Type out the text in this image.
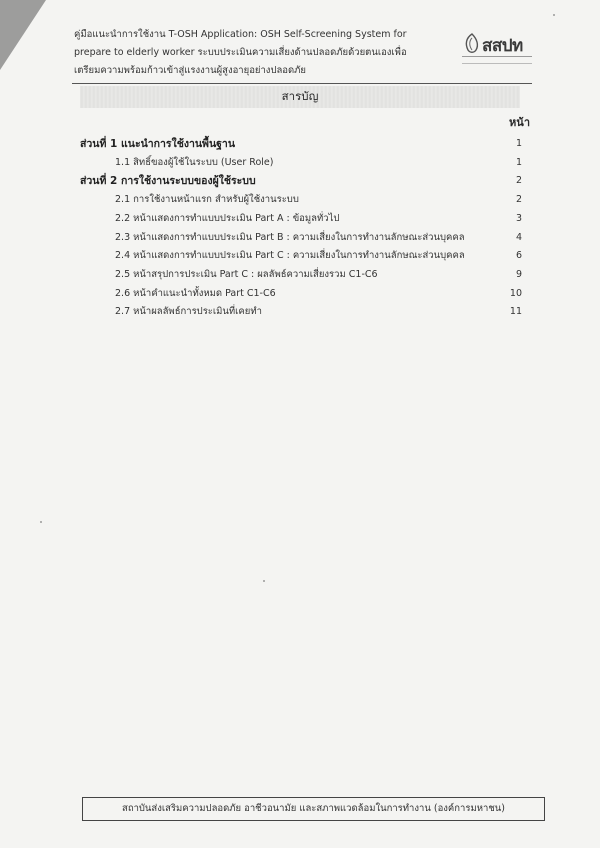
คู่มือแนะนำการใช้งาน T-OSH Application: OSH Self-Screening System for
prepare to elderly worker ระบบประเมินความเสี่ยงด้านปลอดภัยด้วยตนเองเพื่อ
เตรียมความพร้อมก้าวเข้าสู่แรงงานผู้สูงอายุอย่างปลอดภัย
สสปท
สารบัญ
หน้า
ส่วนที่ 1 แนะนำการใช้งานพื้นฐาน	1
1.1 สิทธิ์ของผู้ใช้ในระบบ (User Role)	1
ส่วนที่ 2 การใช้งานระบบของผู้ใช้ระบบ	2
2.1 การใช้งานหน้าแรก สำหรับผู้ใช้งานระบบ	2
2.2 หน้าแสดงการทำแบบประเมิน Part A : ข้อมูลทั่วไป	3
2.3 หน้าแสดงการทำแบบประเมิน Part B : ความเสี่ยงในการทำงานลักษณะส่วนบุคคล	4
2.4 หน้าแสดงการทำแบบประเมิน Part C : ความเสี่ยงในการทำงานลักษณะส่วนบุคคล	6
2.5 หน้าสรุปการประเมิน Part C : ผลลัพธ์ความเสี่ยงรวม C1-C6	9
2.6 หน้าคำแนะนำทั้งหมด Part C1-C6	10
2.7 หน้าผลลัพธ์การประเมินที่เคยทำ	11
สถาบันส่งเสริมความปลอดภัย อาชีวอนามัย และสภาพแวดล้อมในการทำงาน (องค์การมหาชน)
